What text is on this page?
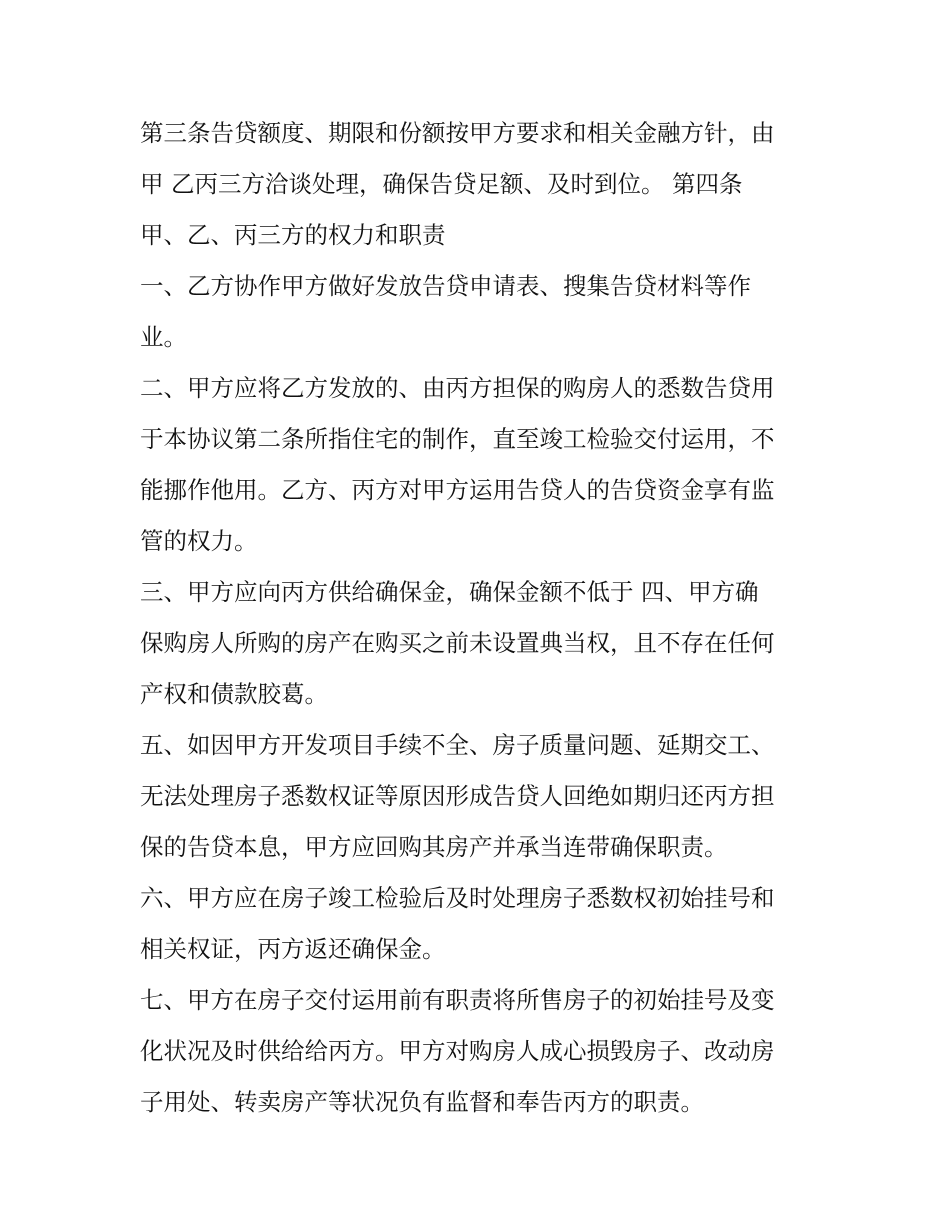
第三条告贷额度、期限和份额按甲方要求和相关金融方针，由
甲 乙丙三方洽谈处理，确保告贷足额、及时到位。 第四条
甲、乙、丙三方的权力和职责
一、乙方协作甲方做好发放告贷申请表、搜集告贷材料等作
业。
二、甲方应将乙方发放的、由丙方担保的购房人的悉数告贷用
于本协议第二条所指住宅的制作，直至竣工检验交付运用，不
能挪作他用。乙方、丙方对甲方运用告贷人的告贷资金享有监
管的权力。
三、甲方应向丙方供给确保金，确保金额不低于 四、甲方确
保购房人所购的房产在购买之前未设置典当权，且不存在任何
产权和债款胶葛。
五、如因甲方开发项目手续不全、房子质量问题、延期交工、
无法处理房子悉数权证等原因形成告贷人回绝如期归还丙方担
保的告贷本息，甲方应回购其房产并承当连带确保职责。
六、甲方应在房子竣工检验后及时处理房子悉数权初始挂号和
相关权证，丙方返还确保金。
七、甲方在房子交付运用前有职责将所售房子的初始挂号及变
化状况及时供给给丙方。甲方对购房人成心损毁房子、改动房
子用处、转卖房产等状况负有监督和奉告丙方的职责。
